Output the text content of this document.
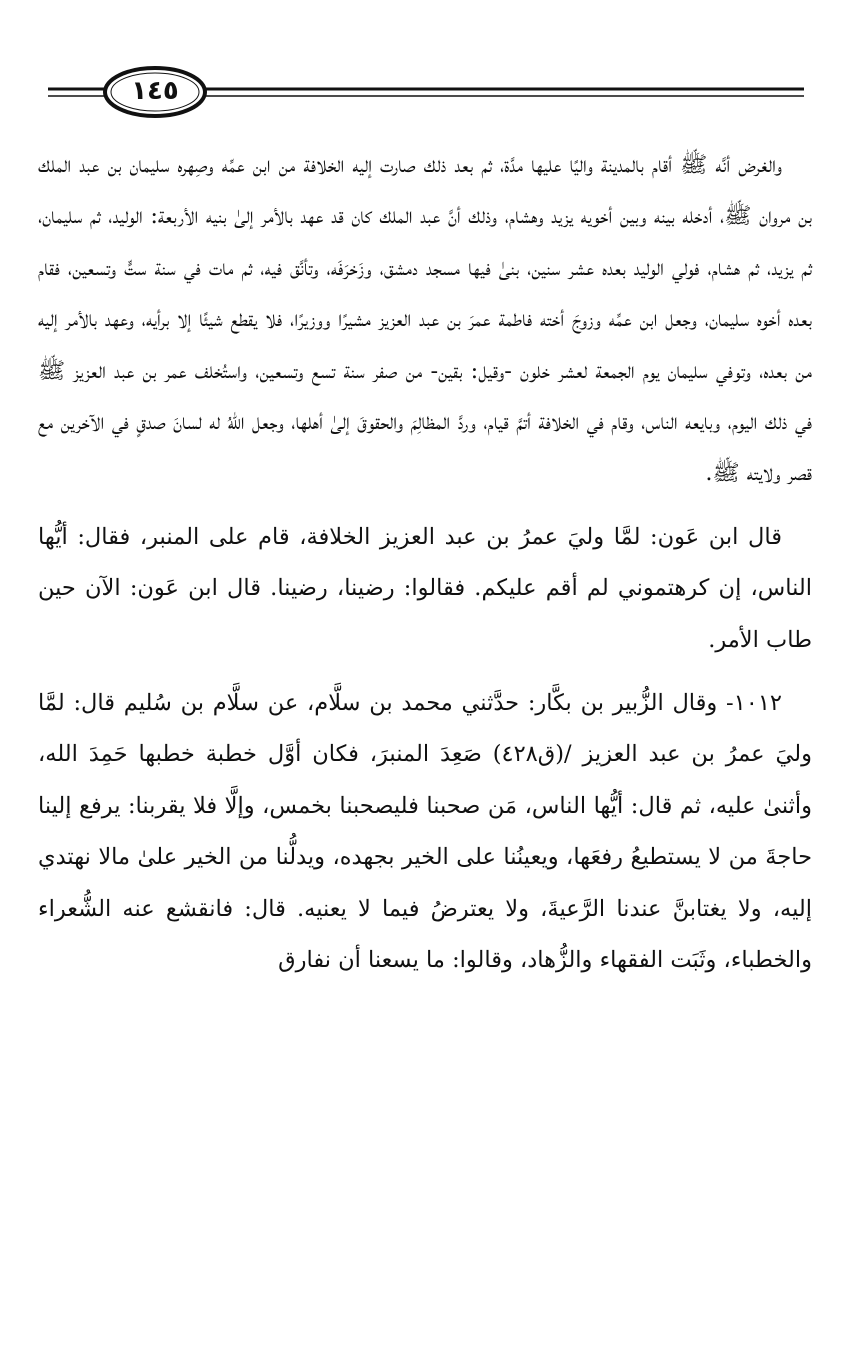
١٤٥

والغرض أنَّه ﷺ أقام بالمدينة واليًا عليها مدَّة، ثم بعد ذلك صارت إليه الخلافة من ابن عمِّه وصِهره سليمان بن عبد الملك بن مروان ﷺ، أدخله بينه وبين أخويه يزيد وهشام، وذلك أنَّ عبد الملك كان قد عهد بالأمر إلىٰ بنيه الأربعة: الوليد، ثم سليمان، ثم يزيد، ثم هشام، فولي الوليد بعده عشر سنين، بنىٰ فيها مسجد دمشق، وزَخرَفَه، وتأنَّق فيه، ثم مات في سنة ستٍّ وتسعين، فقام بعده أخوه سليمان، وجعل ابن عمِّه وزوجَ أخته فاطمة عمرَ بن عبد العزيز مشيرًا ووزيرًا، فلا يقطع شيئًا إلا برأيه، وعهد بالأمر إليه من بعده، وتوفي سليمان يوم الجمعة لعشر خلون -وقيل: بقين- من صفر سنة تسع وتسعين، واستُخلف عمر بن عبد العزيز ﷺ في ذلك اليوم، وبايعه الناس، وقام في الخلافة أتمَّ قيام، وردَّ المظالِمَ والحقوقَ إلىٰ أهلها، وجعل اللهُ له لسانَ صدقٍ في الآخرين مع قصر ولايته ﷺ.

قال ابن عَون: لمَّا وليَ عمرُ بن عبد العزيز الخلافة، قام على المنبر، فقال: أيُّها الناس، إن كرهتموني لم أقم عليكم. فقالوا: رضينا، رضينا. قال ابن عَون: الآن حين طاب الأمر.

١٠١٢- وقال الزُّبير بن بكَّار: حدَّثني محمد بن سلَّام، عن سلَّام بن سُليم قال: لمَّا وليَ عمرُ بن عبد العزيز /(ق٤٢٨) صَعِدَ المنبرَ، فكان أوَّل خطبة خطبها حَمِدَ الله، وأثنىٰ عليه، ثم قال: أيُّها الناس، مَن صحبنا فليصحبنا بخمس، وإلَّا فلا يقربنا: يرفع إلينا حاجةَ من لا يستطيعُ رفعَها، ويعينُنا على الخير بجهده، ويدلُّنا من الخير علىٰ مالا نهتدي إليه، ولا يغتابنَّ عندنا الرَّعيةَ، ولا يعترضُ فيما لا يعنيه. قال: فانقشع عنه الشُّعراء والخطباء، وثَبَت الفقهاء والزُّهاد، وقالوا: ما يسعنا أن نفارق
